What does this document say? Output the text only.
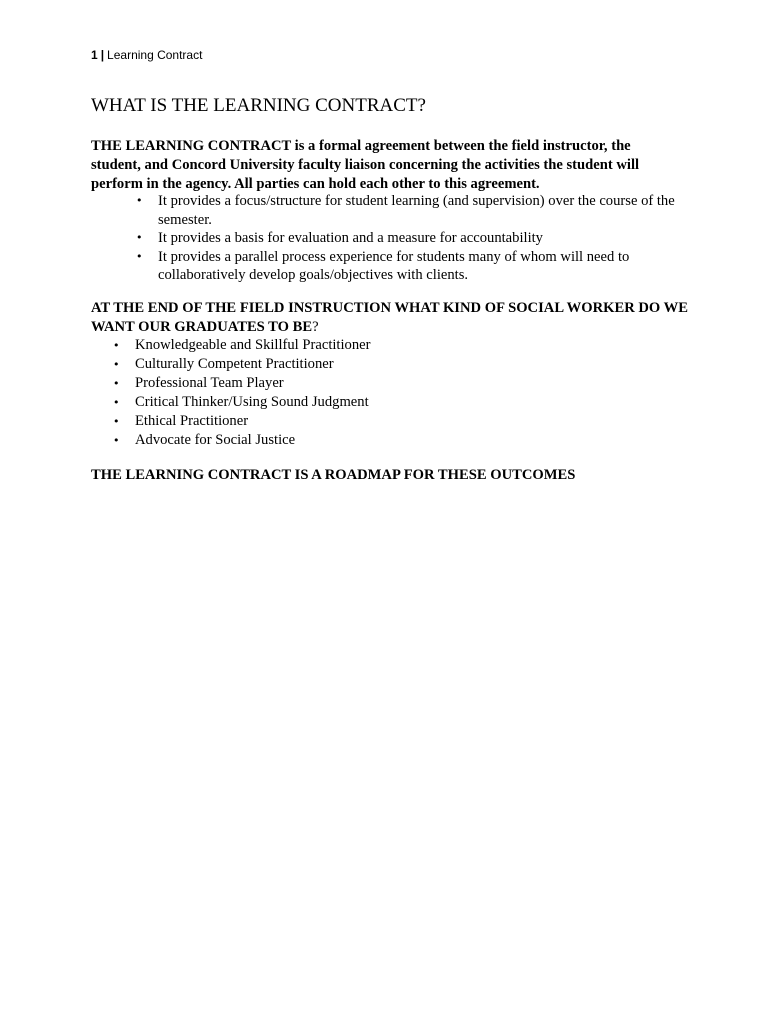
1 | Learning Contract
WHAT IS THE LEARNING CONTRACT?

THE LEARNING CONTRACT is a formal agreement between the field instructor, the student, and Concord University faculty liaison concerning the activities the student will perform in the agency. All parties can hold each other to this agreement.

• It provides a focus/structure for student learning (and supervision) over the course of the semester.
• It provides a basis for evaluation and a measure for accountability
• It provides a parallel process experience for students many of whom will need to collaboratively develop goals/objectives with clients.

AT THE END OF THE FIELD INSTRUCTION WHAT KIND OF SOCIAL WORKER DO WE WANT OUR GRADUATES TO BE?

• Knowledgeable and Skillful Practitioner
• Culturally Competent Practitioner
• Professional Team Player
• Critical Thinker/Using Sound Judgment
• Ethical Practitioner
• Advocate for Social Justice

THE LEARNING CONTRACT IS A ROADMAP FOR THESE OUTCOMES
